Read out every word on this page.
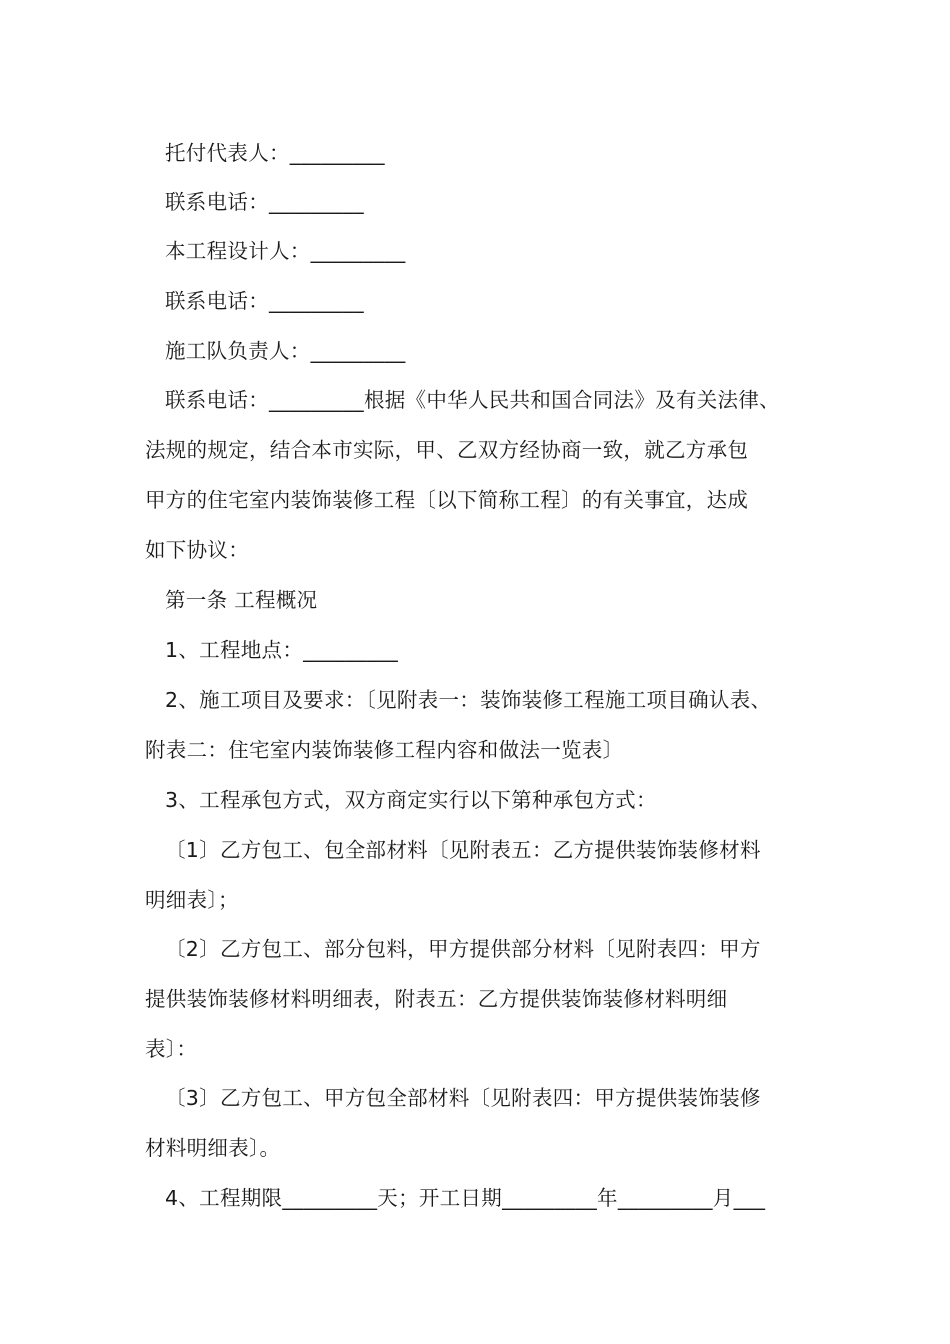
托付代表人：_________
联系电话：_________
本工程设计人：_________
联系电话：_________
施工队负责人：_________
联系电话：_________根据《中华人民共和国合同法》及有关法律、
法规的规定，结合本市实际，甲、乙双方经协商一致，就乙方承包
甲方的住宅室内装饰装修工程〔以下简称工程〕的有关事宜，达成
如下协议：
第一条 工程概况
1、工程地点：_________
2、施工项目及要求：〔见附表一：装饰装修工程施工项目确认表、
附表二：住宅室内装饰装修工程内容和做法一览表〕
3、工程承包方式，双方商定实行以下第种承包方式：
〔1〕乙方包工、包全部材料〔见附表五：乙方提供装饰装修材料
明细表〕；
〔2〕乙方包工、部分包料，甲方提供部分材料〔见附表四：甲方
提供装饰装修材料明细表，附表五：乙方提供装饰装修材料明细
表〕：
〔3〕乙方包工、甲方包全部材料〔见附表四：甲方提供装饰装修
材料明细表〕。
4、工程期限_________天；开工日期_________年_________月___
